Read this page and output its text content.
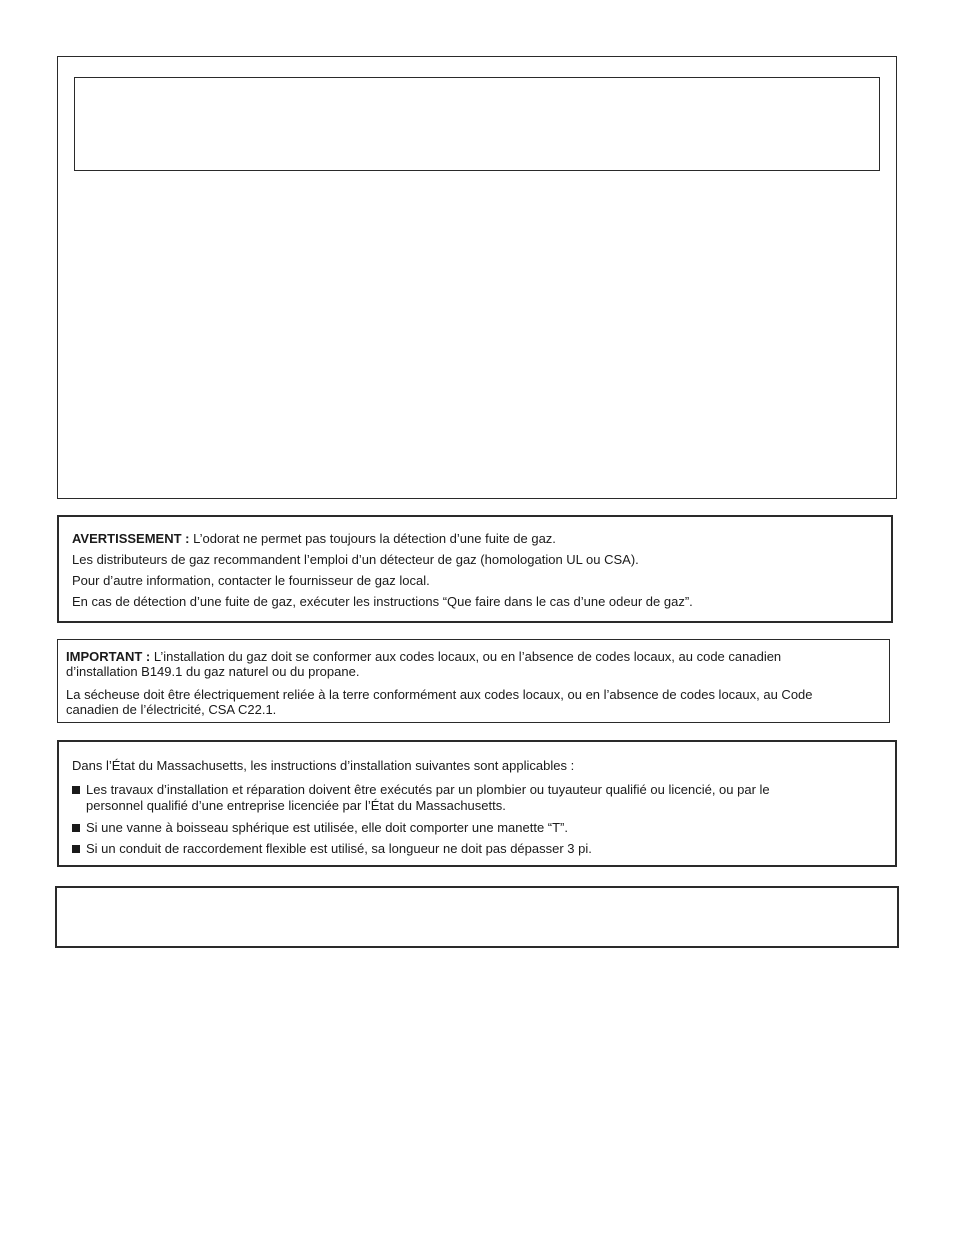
AVERTISSEMENT : L’odorat ne permet pas toujours la détection d’une fuite de gaz.

Les distributeurs de gaz recommandent l’emploi d’un détecteur de gaz (homologation UL ou CSA).

Pour d’autre information, contacter le fournisseur de gaz local.

En cas de détection d’une fuite de gaz, exécuter les instructions “Que faire dans le cas d’une odeur de gaz”.

IMPORTANT : L’installation du gaz doit se conformer aux codes locaux, ou en l’absence de codes locaux, au code canadien

d’installation B149.1 du gaz naturel ou du propane.

La sécheuse doit être électriquement reliée à la terre conformément aux codes locaux, ou en l’absence de codes locaux, au Code

canadien de l’électricité, CSA C22.1.

Dans l’État du Massachusetts, les instructions d’installation suivantes sont applicables :

Les travaux d’installation et réparation doivent être exécutés par un plombier ou tuyauteur qualifié ou licencié, ou par le

personnel qualifié d’une entreprise licenciée par l’État du Massachusetts.

Si une vanne à boisseau sphérique est utilisée, elle doit comporter une manette “T”.

Si un conduit de raccordement flexible est utilisé, sa longueur ne doit pas dépasser 3 pi.
